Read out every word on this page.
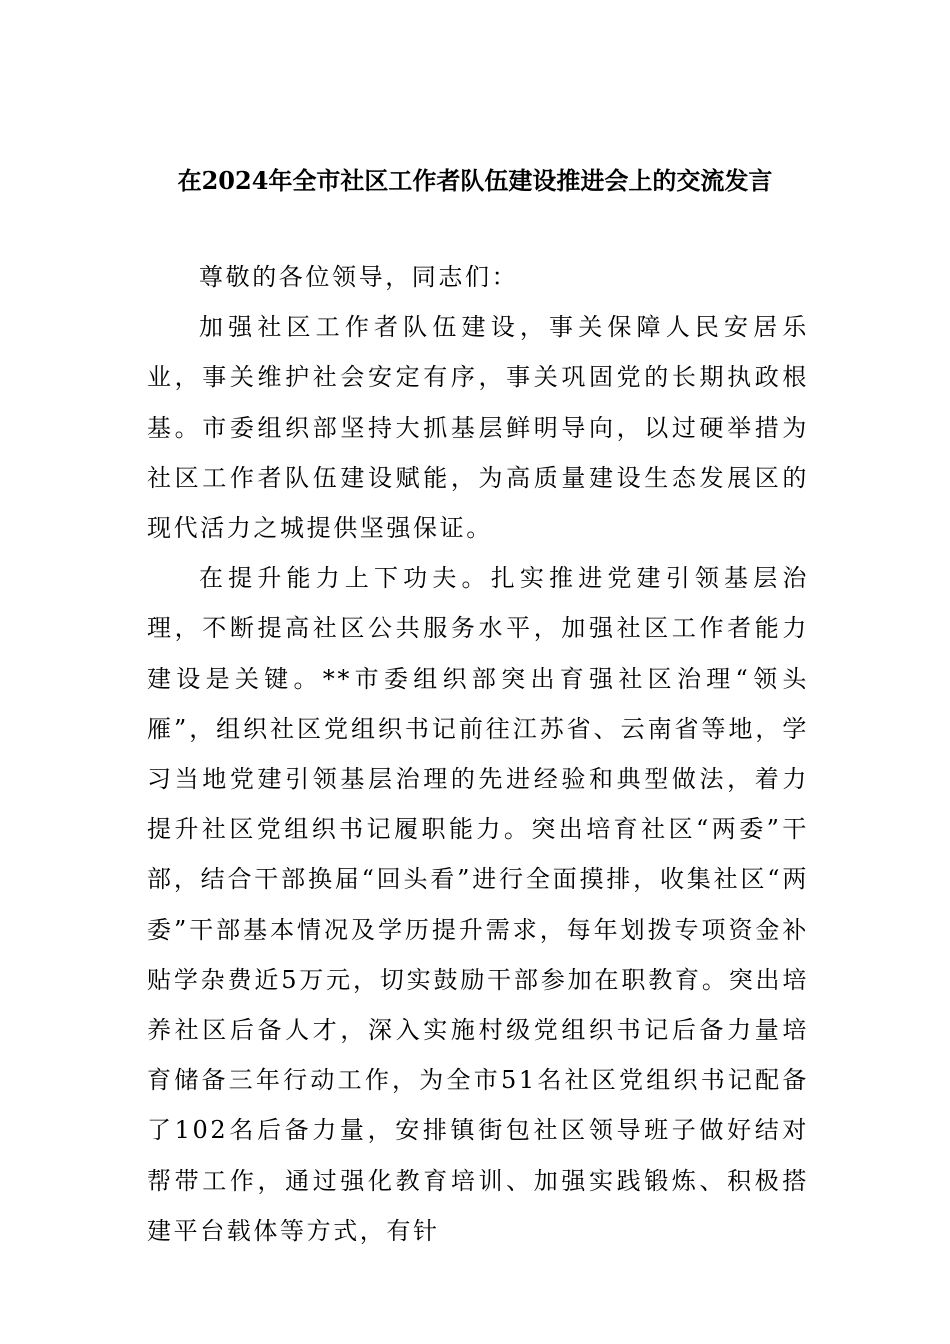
在2024年全市社区工作者队伍建设推进会上的交流发言

尊敬的各位领导，同志们：

加强社区工作者队伍建设，事关保障人民安居乐业，事关维护社会安定有序，事关巩固党的长期执政根基。市委组织部坚持大抓基层鲜明导向，以过硬举措为社区工作者队伍建设赋能，为高质量建设生态发展区的现代活力之城提供坚强保证。

在提升能力上下功夫。扎实推进党建引领基层治理，不断提高社区公共服务水平，加强社区工作者能力建设是关键。**市委组织部突出育强社区治理“领头雁”，组织社区党组织书记前往江苏省、云南省等地，学习当地党建引领基层治理的先进经验和典型做法，着力提升社区党组织书记履职能力。突出培育社区“两委”干部，结合干部换届“回头看”进行全面摸排，收集社区“两委”干部基本情况及学历提升需求，每年划拨专项资金补贴学杂费近5万元，切实鼓励干部参加在职教育。突出培养社区后备人才，深入实施村级党组织书记后备力量培育储备三年行动工作，为全市51名社区党组织书记配备了102名后备力量，安排镇街包社区领导班子做好结对帮带工作，通过强化教育培训、加强实践锻炼、积极搭建平台载体等方式，有针
